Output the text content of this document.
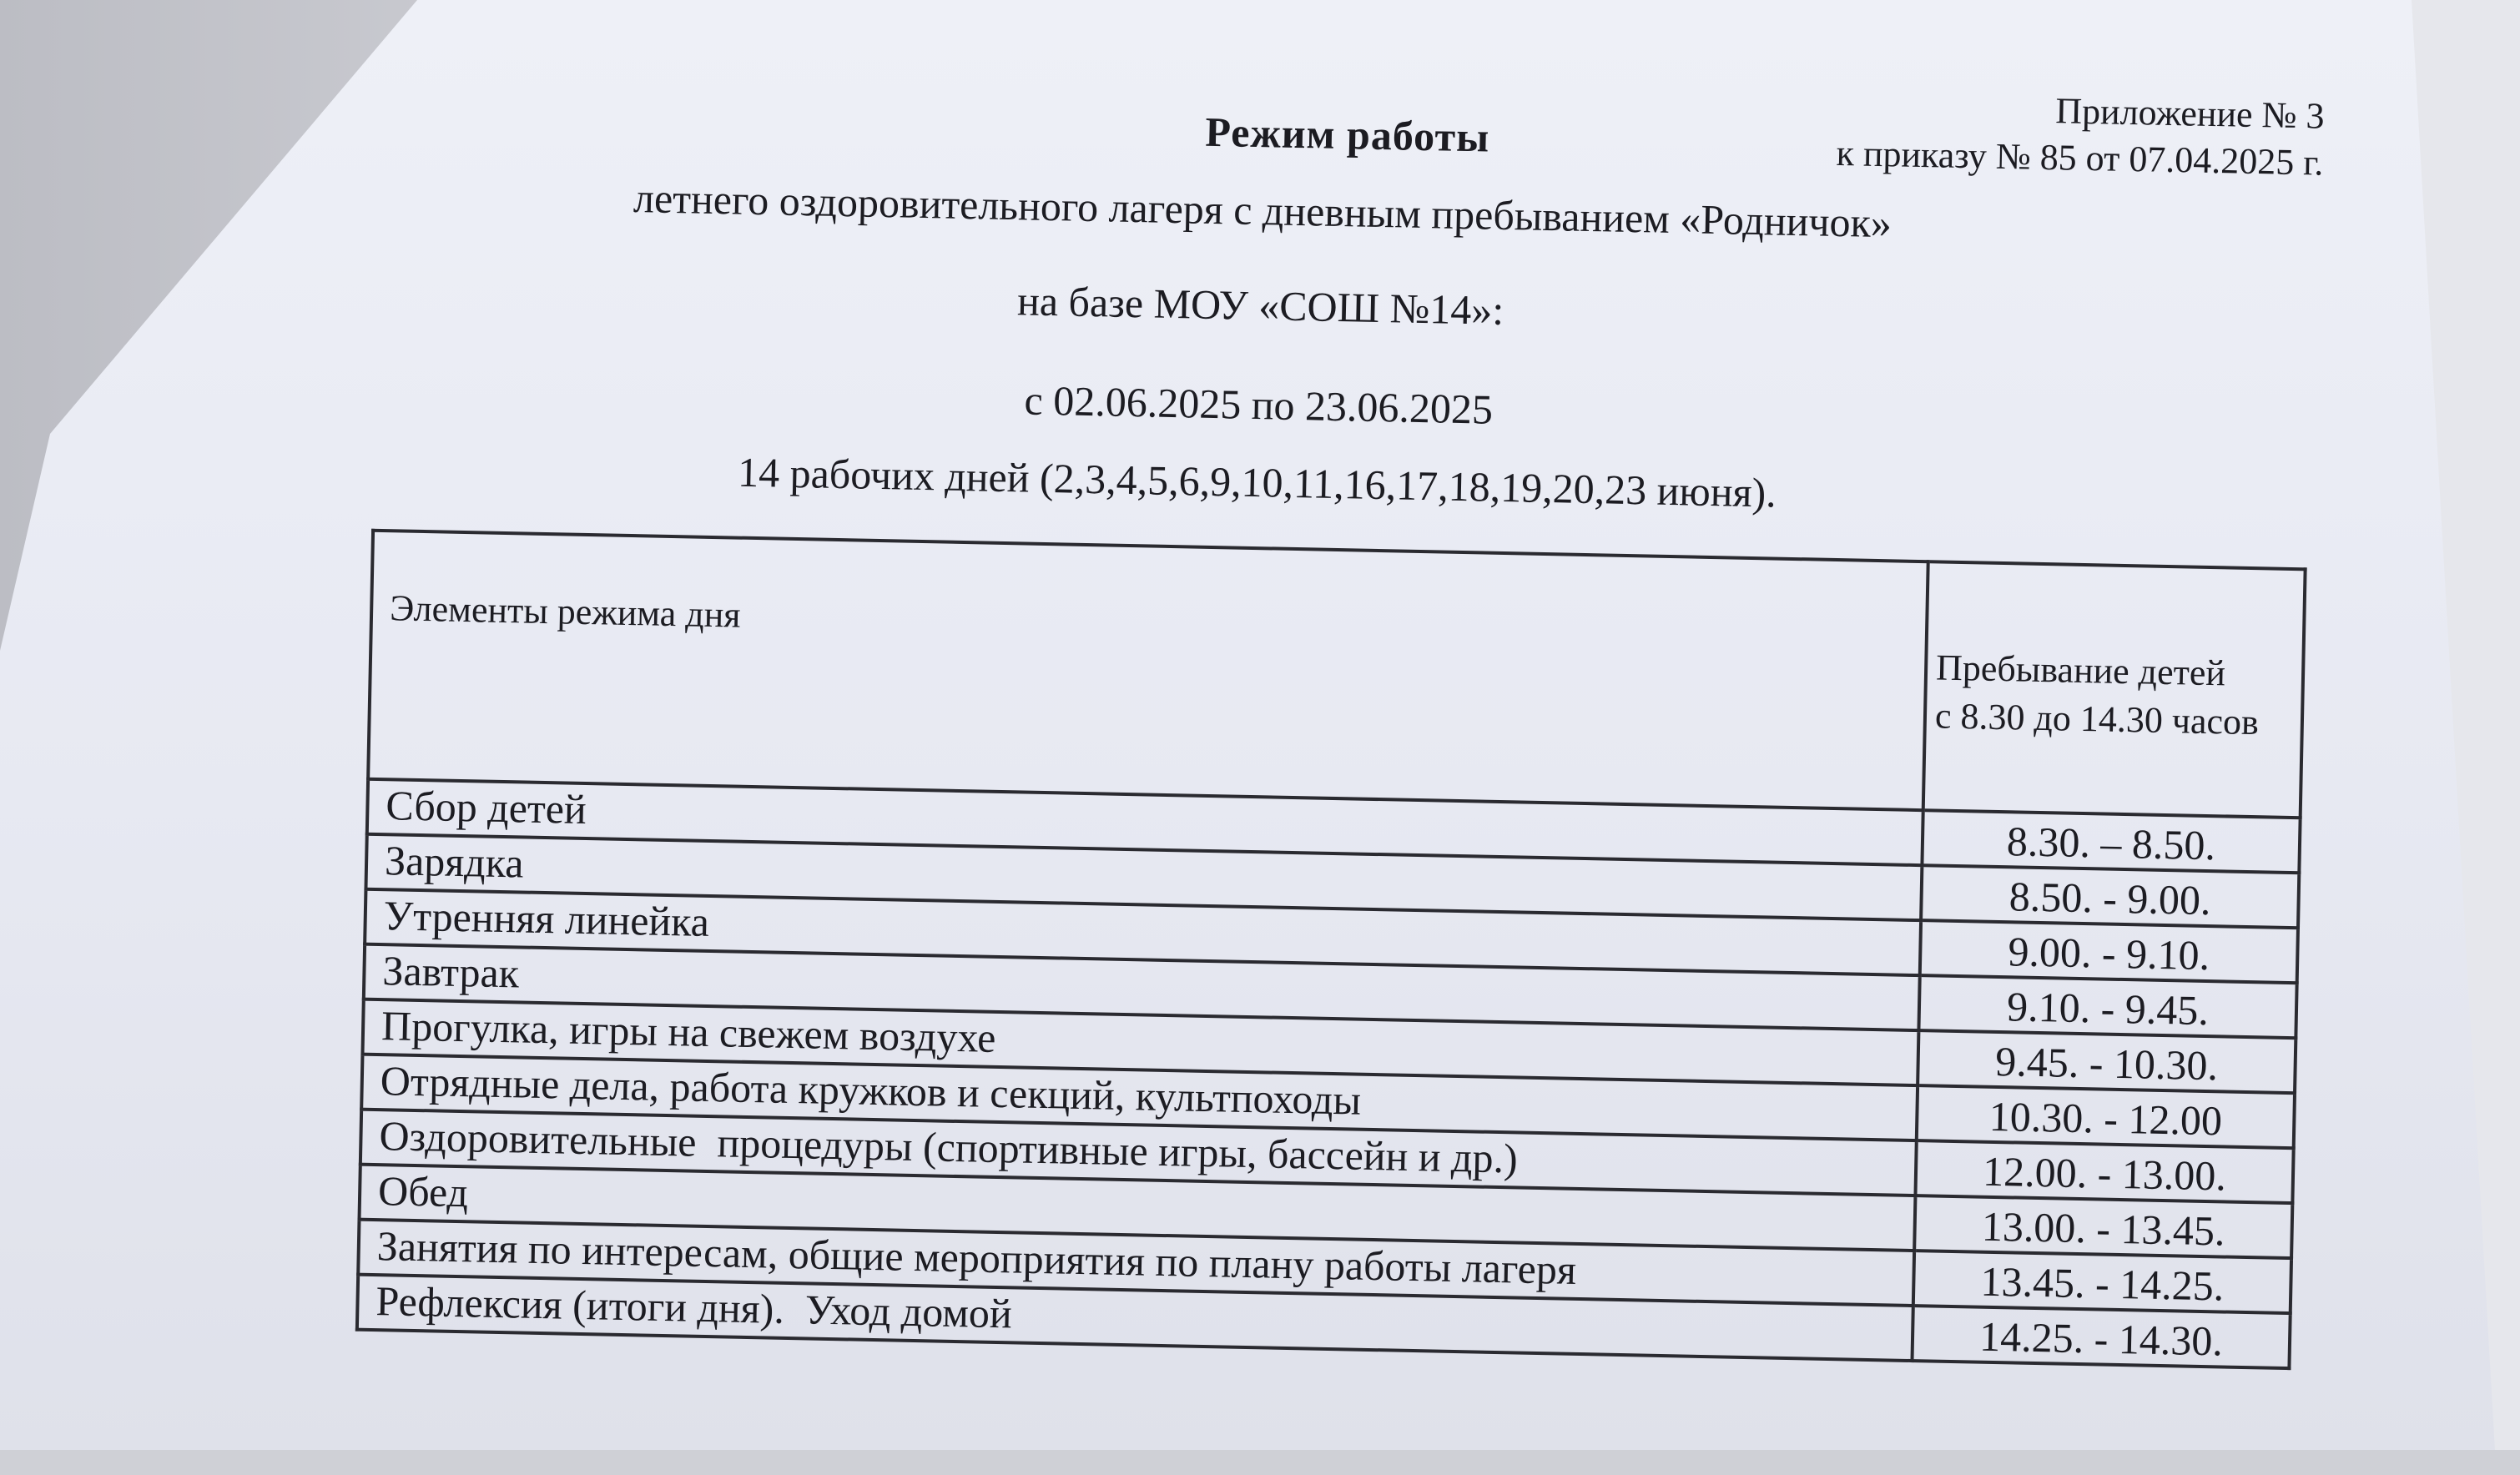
Приложение № 3
к приказу № 85 от 07.04.2025 г.
Режим работы
летнего оздоровительного лагеря с дневным пребыванием «Родничок»
на базе МОУ «СОШ №14»:
с 02.06.2025 по 23.06.2025
14 рабочих дней (2,3,4,5,6,9,10,11,16,17,18,19,20,23 июня).
Элементы режима дня	Пребывание детей
с 8.30 до 14.30 часов

Сбор детей	8.30. – 8.50.
Зарядка	8.50. - 9.00.
Утренняя линейка	9.00. - 9.10.
Завтрак	9.10. - 9.45.
Прогулка, игры на свежем воздухе	9.45. - 10.30.
Отрядные дела, работа кружков и секций, культпоходы	10.30. - 12.00
Оздоровительные  процедуры (спортивные игры, бассейн и др.)	12.00. - 13.00.
Обед	13.00. - 13.45.
Занятия по интересам, общие мероприятия по плану работы лагеря	13.45. - 14.25.
Рефлексия (итоги дня).  Уход домой	14.25. - 14.30.
